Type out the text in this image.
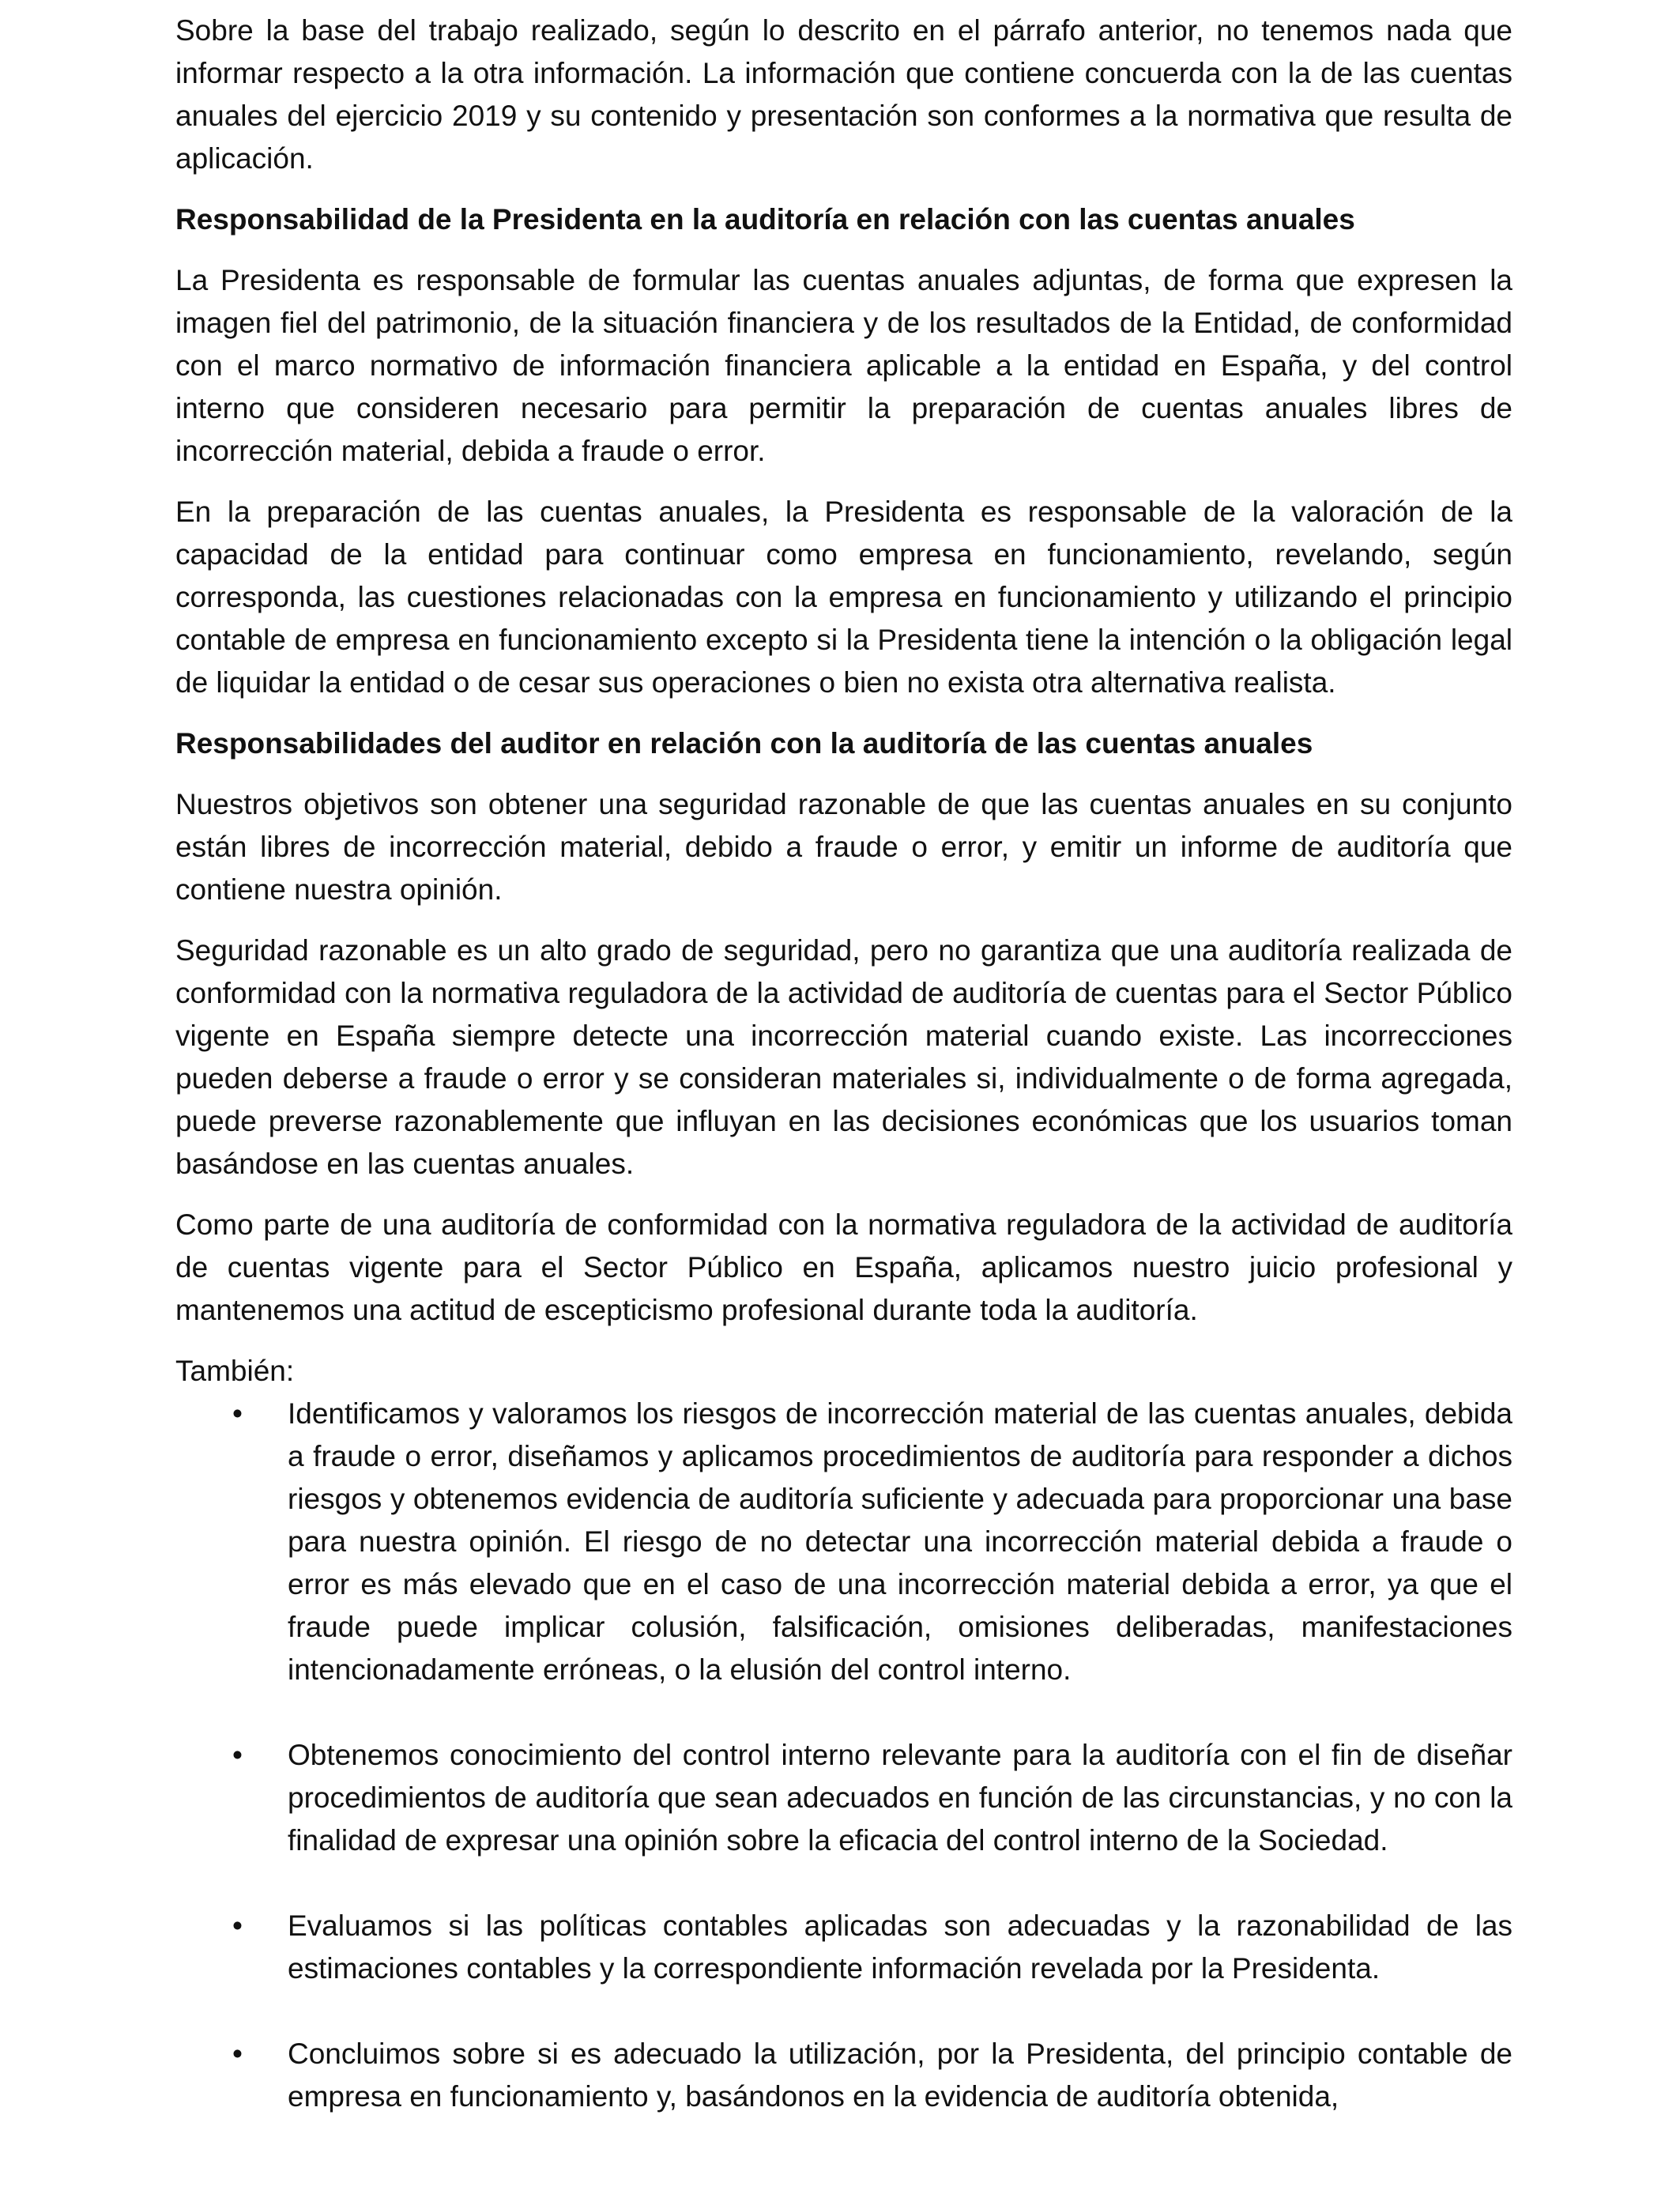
Sobre la base del trabajo realizado, según lo descrito en el párrafo anterior, no tenemos nada que informar respecto a la otra información. La información que contiene concuerda con la de las cuentas anuales del ejercicio 2019 y su contenido y presentación son conformes a la normativa que resulta de aplicación.

Responsabilidad de la Presidenta en la auditoría en relación con las cuentas anuales

La Presidenta es responsable de formular las cuentas anuales adjuntas, de forma que expresen la imagen fiel del patrimonio, de la situación financiera y de los resultados de la Entidad, de conformidad con el marco normativo de información financiera aplicable a la entidad en España, y del control interno que consideren necesario para permitir la preparación de cuentas anuales libres de incorrección material, debida a fraude o error.

En la preparación de las cuentas anuales, la Presidenta es responsable de la valoración de la capacidad de la entidad para continuar como empresa en funcionamiento, revelando, según corresponda, las cuestiones relacionadas con la empresa en funcionamiento y utilizando el principio contable de empresa en funcionamiento excepto si la Presidenta tiene la intención o la obligación legal de liquidar la entidad o de cesar sus operaciones o bien no exista otra alternativa realista.

Responsabilidades del auditor en relación con la auditoría de las cuentas anuales

Nuestros objetivos son obtener una seguridad razonable de que las cuentas anuales en su conjunto están libres de incorrección material, debido a fraude o error, y emitir un informe de auditoría que contiene nuestra opinión.

Seguridad razonable es un alto grado de seguridad, pero no garantiza que una auditoría realizada de conformidad con la normativa reguladora de la actividad de auditoría de cuentas para el Sector Público vigente en España siempre detecte una incorrección material cuando existe. Las incorrecciones pueden deberse a fraude o error y se consideran materiales si, individualmente o de forma agregada, puede preverse razonablemente que influyan en las decisiones económicas que los usuarios toman basándose en las cuentas anuales.

Como parte de una auditoría de conformidad con la normativa reguladora de la actividad de auditoría de cuentas vigente para el Sector Público en España, aplicamos nuestro juicio profesional y mantenemos una actitud de escepticismo profesional durante toda la auditoría.

También:

• Identificamos y valoramos los riesgos de incorrección material de las cuentas anuales, debida a fraude o error, diseñamos y aplicamos procedimientos de auditoría para responder a dichos riesgos y obtenemos evidencia de auditoría suficiente y adecuada para proporcionar una base para nuestra opinión. El riesgo de no detectar una incorrección material debida a fraude o error es más elevado que en el caso de una incorrección material debida a error, ya que el fraude puede implicar colusión, falsificación, omisiones deliberadas, manifestaciones intencionadamente erróneas, o la elusión del control interno.
• Obtenemos conocimiento del control interno relevante para la auditoría con el fin de diseñar procedimientos de auditoría que sean adecuados en función de las circunstancias, y no con la finalidad de expresar una opinión sobre la eficacia del control interno de la Sociedad.
• Evaluamos si las políticas contables aplicadas son adecuadas y la razonabilidad de las estimaciones contables y la correspondiente información revelada por la Presidenta.
• Concluimos sobre si es adecuado la utilización, por la Presidenta, del principio contable de empresa en funcionamiento y, basándonos en la evidencia de auditoría obtenida,
